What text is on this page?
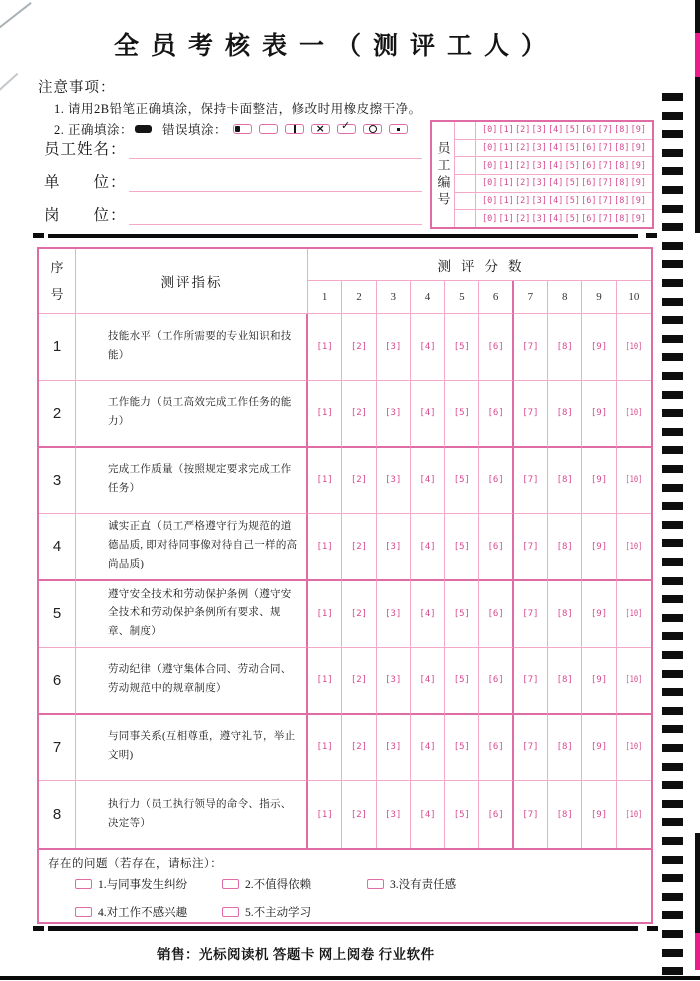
全员考核表一（测评工人）
注意事项：
1. 请用2B铅笔正确填涂，保持卡面整洁，修改时用橡皮擦干净。
2. 正确填涂： 错误填涂：
×
✓
员工姓名：
单　　位：
岗　　位：
员工编号
[0] [1] [2] [3] [4] [5] [6] [7] [8] [9]
[0] [1] [2] [3] [4] [5] [6] [7] [8] [9]
[0] [1] [2] [3] [4] [5] [6] [7] [8] [9]
[0] [1] [2] [3] [4] [5] [6] [7] [8] [9]
[0] [1] [2] [3] [4] [5] [6] [7] [8] [9]
[0] [1] [2] [3] [4] [5] [6] [7] [8] [9]
序号
测评指标
测评分数
1	2	3	4	5	6	7	8	9	10
1
技能水平（工作所需要的专业知识和技能）
[1] [2] [3] [4] [5] [6] [7] [8] [9] [10]
2
工作能力（员工高效完成工作任务的能力）
[1] [2] [3] [4] [5] [6] [7] [8] [9] [10]
3
完成工作质量（按照规定要求完成工作任务）
[1] [2] [3] [4] [5] [6] [7] [8] [9] [10]
4
诚实正直（员工严格遵守行为规范的道德品质, 即对待同事像对待自己一样的高尚品质)
[1] [2] [3] [4] [5] [6] [7] [8] [9] [10]
5
遵守安全技术和劳动保护条例（遵守安全技术和劳动保护条例所有要求、规章、制度）
[1] [2] [3] [4] [5] [6] [7] [8] [9] [10]
6
劳动纪律（遵守集体合同、劳动合同、劳动规范中的规章制度）
[1] [2] [3] [4] [5] [6] [7] [8] [9] [10]
7
与同事关系(互相尊重，遵守礼节，举止文明)
[1] [2] [3] [4] [5] [6] [7] [8] [9] [10]
8
执行力（员工执行领导的命令、指示、决定等）
[1] [2] [3] [4] [5] [6] [7] [8] [9] [10]
存在的问题（若存在，请标注）：
1.与同事发生纠纷	2.不值得依赖	3.没有责任感
4.对工作不感兴趣	5.不主动学习
销售：光标阅读机 答题卡 网上阅卷 行业软件
